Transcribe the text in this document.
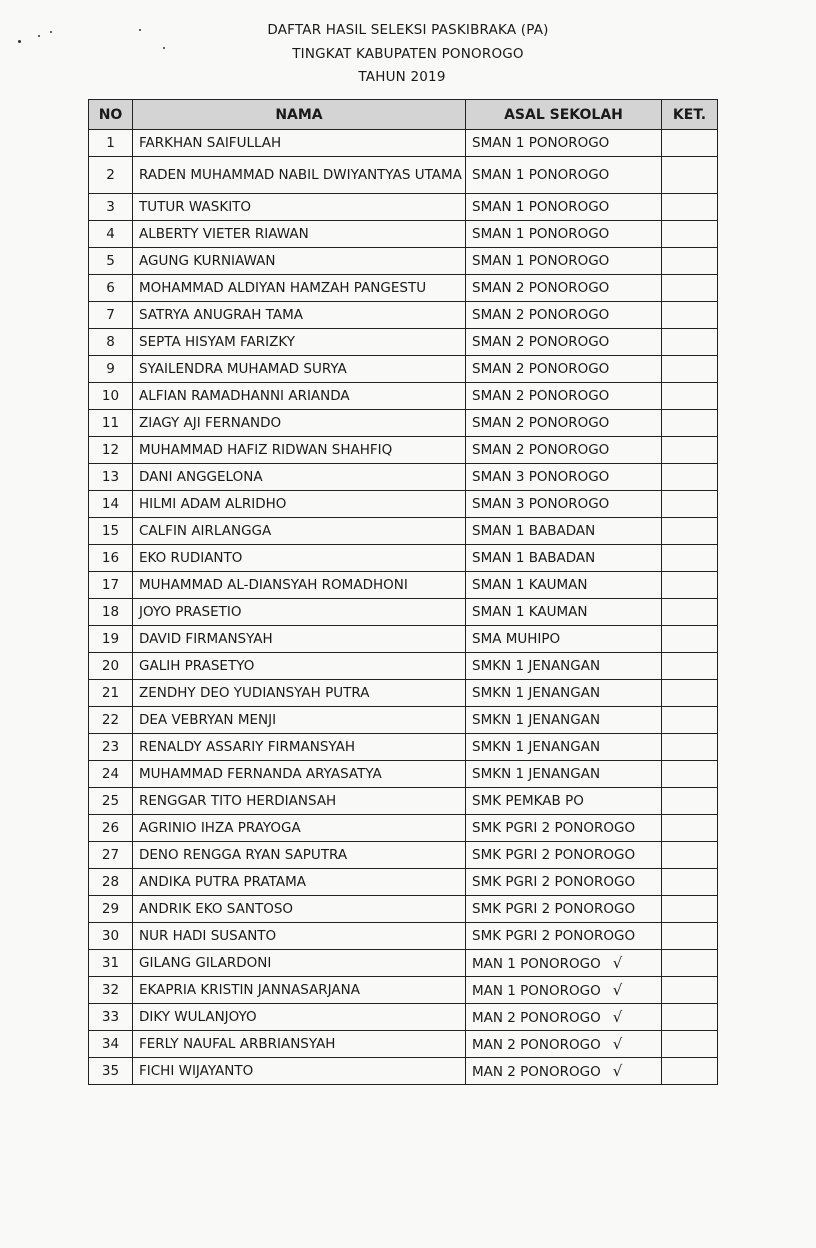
DAFTAR HASIL SELEKSI PASKIBRAKA (PA)
TINGKAT KABUPATEN PONOROGO
TAHUN 2019
NO	NAMA	ASAL SEKOLAH	KET.
1	FARKHAN SAIFULLAH	SMAN 1 PONOROGO	
2	RADEN MUHAMMAD NABIL DWIYANTYAS UTAMA	SMAN 1 PONOROGO	
3	TUTUR WASKITO	SMAN 1 PONOROGO	
4	ALBERTY VIETER RIAWAN	SMAN 1 PONOROGO	
5	AGUNG KURNIAWAN	SMAN 1 PONOROGO	
6	MOHAMMAD ALDIYAN HAMZAH PANGESTU	SMAN 2 PONOROGO	
7	SATRYA ANUGRAH TAMA	SMAN 2 PONOROGO	
8	SEPTA HISYAM FARIZKY	SMAN 2 PONOROGO	
9	SYAILENDRA MUHAMAD SURYA	SMAN 2 PONOROGO	
10	ALFIAN RAMADHANNI ARIANDA	SMAN 2 PONOROGO	
11	ZIAGY AJI FERNANDO	SMAN 2 PONOROGO	
12	MUHAMMAD HAFIZ RIDWAN SHAHFIQ	SMAN 2 PONOROGO	
13	DANI ANGGELONA	SMAN 3 PONOROGO	
14	HILMI ADAM ALRIDHO	SMAN 3 PONOROGO	
15	CALFIN AIRLANGGA	SMAN 1 BABADAN	
16	EKO RUDIANTO	SMAN 1 BABADAN	
17	MUHAMMAD AL-DIANSYAH ROMADHONI	SMAN 1 KAUMAN	
18	JOYO PRASETIO	SMAN 1 KAUMAN	
19	DAVID FIRMANSYAH	SMA MUHIPO	
20	GALIH PRASETYO	SMKN 1 JENANGAN	
21	ZENDHY DEO YUDIANSYAH PUTRA	SMKN 1 JENANGAN	
22	DEA VEBRYAN MENJI	SMKN 1 JENANGAN	
23	RENALDY ASSARIY FIRMANSYAH	SMKN 1 JENANGAN	
24	MUHAMMAD FERNANDA ARYASATYA	SMKN 1 JENANGAN	
25	RENGGAR TITO HERDIANSAH	SMK PEMKAB PO	
26	AGRINIO IHZA PRAYOGA	SMK PGRI 2 PONOROGO	
27	DENO RENGGA RYAN SAPUTRA	SMK PGRI 2 PONOROGO	
28	ANDIKA PUTRA PRATAMA	SMK PGRI 2 PONOROGO	
29	ANDRIK EKO SANTOSO	SMK PGRI 2 PONOROGO	
30	NUR HADI SUSANTO	SMK PGRI 2 PONOROGO	
31	GILANG GILARDONI	MAN 1 PONOROGO √	
32	EKAPRIA KRISTIN JANNASARJANA	MAN 1 PONOROGO √	
33	DIKY WULANJOYO	MAN 2 PONOROGO √	
34	FERLY NAUFAL ARBRIANSYAH	MAN 2 PONOROGO √	
35	FICHI WIJAYANTO	MAN 2 PONOROGO √	
